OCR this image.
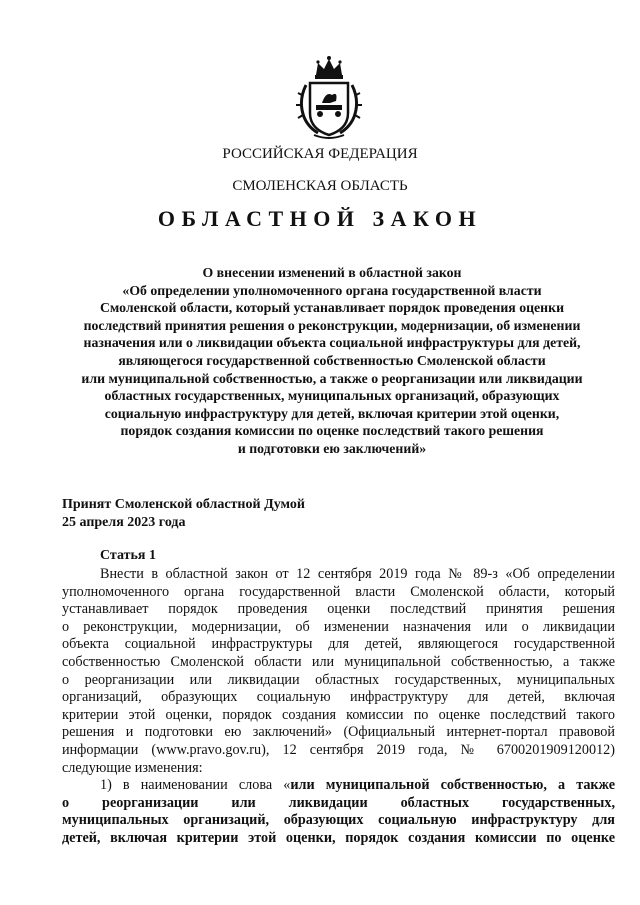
РОССИЙСКАЯ ФЕДЕРАЦИЯ
СМОЛЕНСКАЯ ОБЛАСТЬ
ОБЛАСТНОЙ ЗАКОН
О внесении изменений в областной закон
«Об определении уполномоченного органа государственной власти
Смоленской области, который устанавливает порядок проведения оценки
последствий принятия решения о реконструкции, модернизации, об изменении
назначения или о ликвидации объекта социальной инфраструктуры для детей,
являющегося государственной собственностью Смоленской области
или муниципальной собственностью, а также о реорганизации или ликвидации
областных государственных, муниципальных организаций, образующих
социальную инфраструктуру для детей, включая критерии этой оценки,
порядок создания комиссии по оценке последствий такого решения
и подготовки ею заключений»
Принят Смоленской областной Думой
25 апреля 2023 года
Статья 1
Внести в областной закон от 12 сентября 2019 года № 89-з «Об определении
уполномоченного органа государственной власти Смоленской области, который
устанавливает порядок проведения оценки последствий принятия решения
о реконструкции, модернизации, об изменении назначения или о ликвидации
объекта социальной инфраструктуры для детей, являющегося государственной
собственностью Смоленской области или муниципальной собственностью, а также
о реорганизации или ликвидации областных государственных, муниципальных
организаций, образующих социальную инфраструктуру для детей, включая
критерии этой оценки, порядок создания комиссии по оценке последствий такого
решения и подготовки ею заключений» (Официальный интернет-портал правовой
информации (www.pravo.gov.ru), 12 сентября 2019 года, № 6700201909120012)
следующие изменения:
1) в наименовании слова «или муниципальной собственностью, а также
о реорганизации или ликвидации областных государственных,
муниципальных организаций, образующих социальную инфраструктуру для
детей, включая критерии этой оценки, порядок создания комиссии по оценке
